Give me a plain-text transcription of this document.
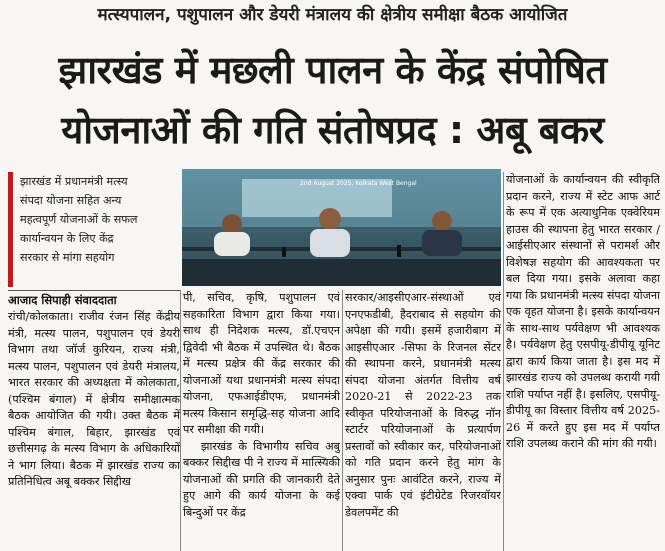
मत्स्यपालन, पशुपालन और डेयरी मंत्रालय की क्षेत्रीय समीक्षा बैठक आयोजित
झारखंड में मछली पालन के केंद्र संपोषित
योजनाओं की गति संतोषप्रद : अबू बकर
झारखंड में प्रधानमंत्री मत्स्य
संपदा योजना सहित अन्य
महत्वपूर्ण योजनाओं के सफल
कार्यान्वयन के लिए केंद्र
सरकार से मांगा सहयोग
आजाद सिपाही संवाददाता
2nd August 2025, Kolkata West Bengal

रांची/कोलकाता। राजीव रंजन सिंह केंद्रीय मंत्री, मत्स्य पालन, पशुपालन एवं डेयरी विभाग तथा जॉर्ज कुरियन, राज्य मंत्री, मत्स्य पालन, पशुपालन एवं डेयरी मंत्रालय, भारत सरकार की अध्यक्षता में कोलकाता, (पश्चिम बंगाल) में क्षेत्रीय समीक्षात्मक बैठक आयोजित की गयी। उक्त बैठक में पश्चिम बंगाल, बिहार, झारखंड एवं छत्तीसगढ़ के मत्स्य विभाग के अधिकारियों ने भाग लिया। बैठक में झारखंड राज्य का प्रतिनिधित्व अबू बक्कर सिद्दीख

पी, सचिव, कृषि, पशुपालन एवं सहकारिता विभाग द्वारा किया गया। साथ ही निदेशक मत्स्य, डॉ.एचएन द्विवेदी भी बैठक में उपस्थित थे। बैठक में मत्स्य प्रक्षेत्र की केंद्र सरकार की योजनाओं यथा प्रधानमंत्री मत्स्य संपदा योजना, एफआईडीएफ, प्रधानमंत्री मत्स्य किसान समृद्धि-सह योजना आदि पर समीक्षा की गयी।

झारखंड के विभागीय सचिव अबु बक्कर सिद्दीख पी ने राज्य में मात्स्यिकी योजनाओं की प्रगति की जानकारी देते हुए आगे की कार्य योजना के कई बिन्दुओं पर केंद्र

सरकार/आइसीएआर-संस्थाओं एवं एनएफडीबी, हैदराबाद से सहयोग की अपेक्षा की गयी। इसमें हजारीबाग में आइसीएआर -सिफा के रिजनल सेंटर की स्थापना करने, प्रधानमंत्री मत्स्य संपदा योजना अंतर्गत वित्तीय वर्ष 2020-21 से 2022-23 तक स्वीकृत परियोजनाओं के विरुद्ध नॉन स्टार्टर परियोजनाओं के प्रत्यार्पण प्रस्तावों को स्वीकार कर, परियोजनाओं को गति प्रदान करने हेतु मांग के अनुसार पुनः आवंटित करने, राज्य में एक्वा पार्क एवं इंटीग्रेटेड रिजरवॉयर डेवलपमेंट की

योजनाओं के कार्यान्वयन की स्वीकृति प्रदान करने, राज्य में स्टेट आफ आर्ट के रूप में एक अत्याधुनिक एक्वेरियम हाउस की स्थापना हेतु भारत सरकार /आईसीएआर संस्थानों से परामर्श और विशेषज्ञ सहयोग की आवश्यकता पर बल दिया गया। इसके अलावा कहा गया कि प्रधानमंत्री मत्स्य संपदा योजना एक वृहत योजना है। इसके कार्यान्वयन के साथ-साथ पर्यवेक्षण भी आवश्यक है। पर्यवेक्षण हेतु एसपीयू-डीपीयू यूनिट द्वारा कार्य किया जाता है। इस मद में झारखंड राज्य को उपलब्ध करायी गयी राशि पर्याप्त नहीं है। इसलिए, एसपीयू-डीपीयू का विस्तार वित्तीय वर्ष 2025-26 में करते हुए इस मद में पर्याप्त राशि उपलब्ध कराने की मांग की गयी।
